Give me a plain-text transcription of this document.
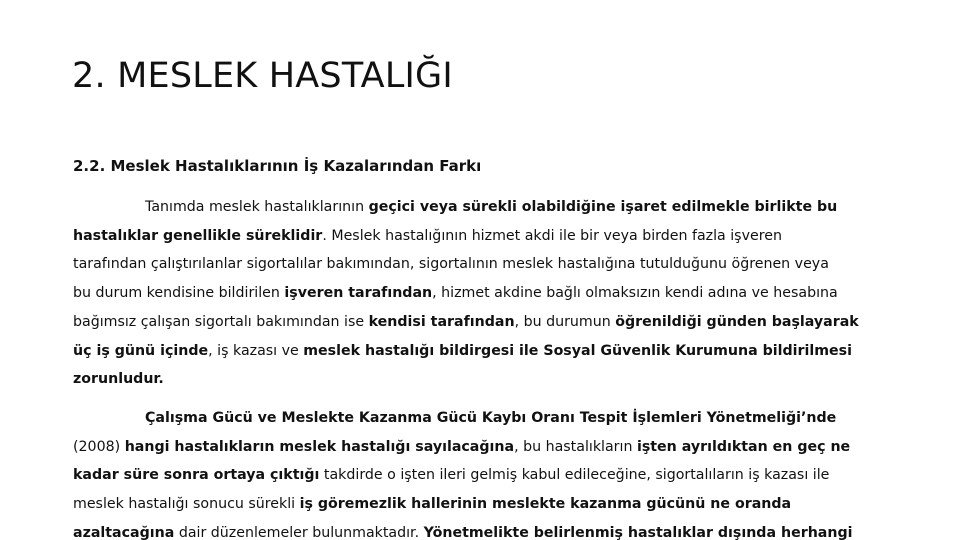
2. MESLEK HASTALIĞI
2.2. Meslek Hastalıklarının İş Kazalarından Farkı
Tanımda meslek hastalıklarının geçici veya sürekli olabildiğine işaret edilmekle birlikte bu
hastalıklar genellikle süreklidir. Meslek hastalığının hizmet akdi ile bir veya birden fazla işveren
tarafından çalıştırılanlar sigortalılar bakımından, sigortalının meslek hastalığına tutulduğunu öğrenen veya
bu durum kendisine bildirilen işveren tarafından, hizmet akdine bağlı olmaksızın kendi adına ve hesabına
bağımsız çalışan sigortalı bakımından ise kendisi tarafından, bu durumun öğrenildiği günden başlayarak
üç iş günü içinde, iş kazası ve meslek hastalığı bildirgesi ile Sosyal Güvenlik Kurumuna bildirilmesi
zorunludur.
Çalışma Gücü ve Meslekte Kazanma Gücü Kaybı Oranı Tespit İşlemleri Yönetmeliği’nde
(2008) hangi hastalıkların meslek hastalığı sayılacağına, bu hastalıkların işten ayrıldıktan en geç ne
kadar süre sonra ortaya çıktığı takdirde o işten ileri gelmiş kabul edileceğine, sigortalıların iş kazası ile
meslek hastalığı sonucu sürekli iş göremezlik hallerinin meslekte kazanma gücünü ne oranda
azaltacağına dair düzenlemeler bulunmaktadır. Yönetmelikte belirlenmiş hastalıklar dışında herhangi
